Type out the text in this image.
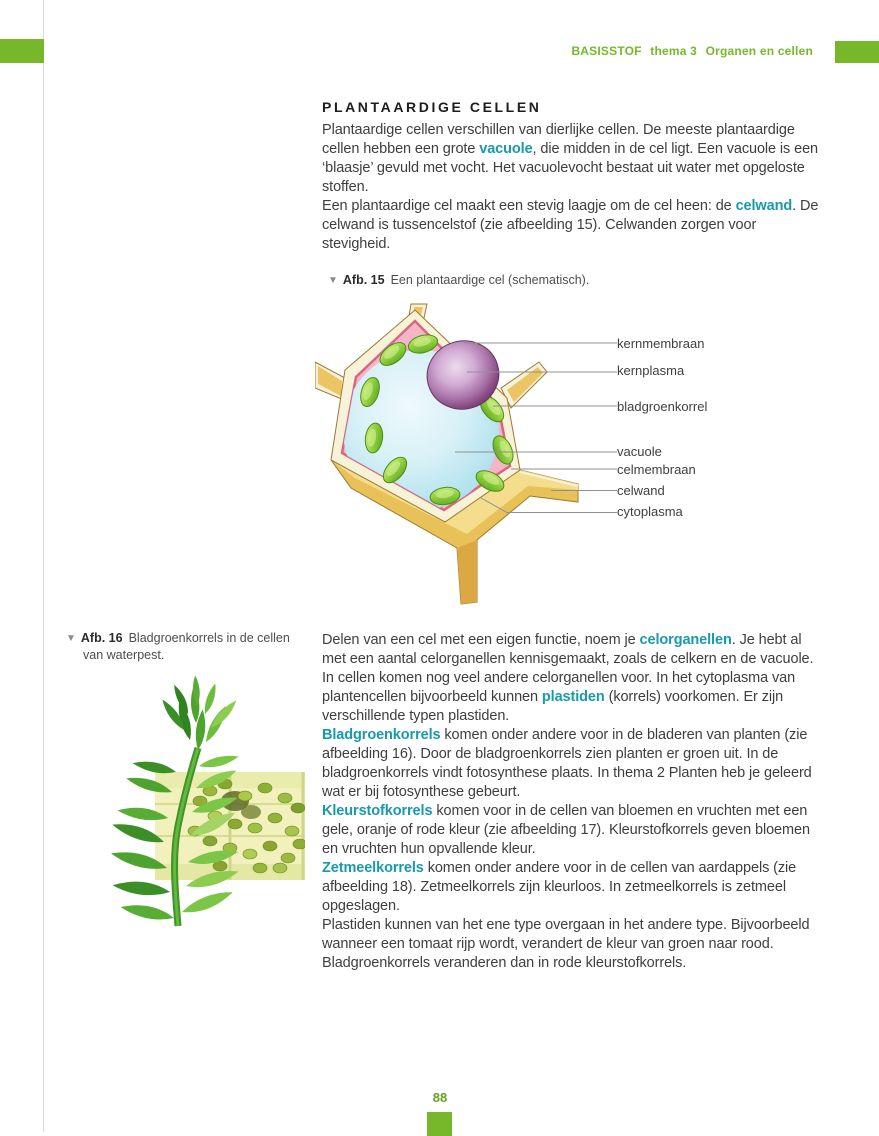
BASISSTOF thema 3 Organen en cellen
PLANTAARDIGE CELLEN

Plantaardige cellen verschillen van dierlijke cellen. De meeste plantaardige cellen hebben een grote vacuole, die midden in de cel ligt. Een vacuole is een ‘blaasje’ gevuld met vocht. Het vacuolevocht bestaat uit water met opgeloste stoffen.

Een plantaardige cel maakt een stevig laagje om de cel heen: de celwand. De celwand is tussencelstof (zie afbeelding 15). Celwanden zorgen voor stevigheid.

▼ Afb. 15 Een plantaardige cel (schematisch).
kernmembraan
kernplasma
bladgroenkorrel
vacuole
celmembraan
celwand
cytoplasma
▼ Afb. 16 Bladgroenkorrels in de cellen van waterpest.

Delen van een cel met een eigen functie, noem je celorganellen. Je hebt al met een aantal celorganellen kennisgemaakt, zoals de celkern en de vacuole. In cellen komen nog veel andere celorganellen voor. In het cytoplasma van plantencellen bijvoorbeeld kunnen plastiden (korrels) voorkomen. Er zijn verschillende typen plastiden.

Bladgroenkorrels komen onder andere voor in de bladeren van planten (zie afbeelding 16). Door de bladgroenkorrels zien planten er groen uit. In de bladgroenkorrels vindt fotosynthese plaats. In thema 2 Planten heb je geleerd wat er bij fotosynthese gebeurt.

Kleurstofkorrels komen voor in de cellen van bloemen en vruchten met een gele, oranje of rode kleur (zie afbeelding 17). Kleurstofkorrels geven bloemen en vruchten hun opvallende kleur.

Zetmeelkorrels komen onder andere voor in de cellen van aardappels (zie afbeelding 18). Zetmeelkorrels zijn kleurloos. In zetmeelkorrels is zetmeel opgeslagen.

Plastiden kunnen van het ene type overgaan in het andere type. Bijvoorbeeld wanneer een tomaat rijp wordt, verandert de kleur van groen naar rood. Bladgroenkorrels veranderen dan in rode kleurstofkorrels.

88
